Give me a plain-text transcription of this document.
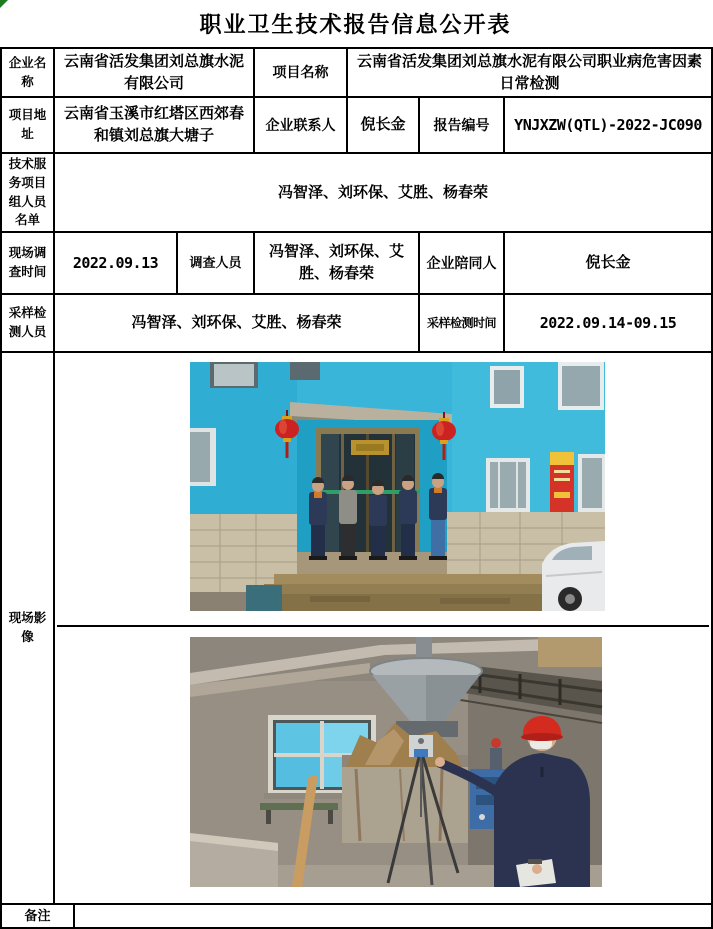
职业卫生技术报告信息公开表
企业名称	云南省活发集团刘总旗水泥有限公司			项目名称	云南省活发集团刘总旗水泥有限公司职业病危害因素日常检测		
项目地址	云南省玉溪市红塔区西郊春和镇刘总旗大塘子			企业联系人	倪长金	报告编号	YNJXZW(QTL)-2022-JC090
技术服务项目组人员名单	冯智泽、刘环保、艾胜、杨春荣						
现场调查时间	2022.09.13		调查人员	冯智泽、刘环保、艾胜、杨春荣		企业陪同人	倪长金
采样检测人员	冯智泽、刘环保、艾胜、杨春荣					采样检测时间	2022.09.14-09.15
现场影像	

备注							
